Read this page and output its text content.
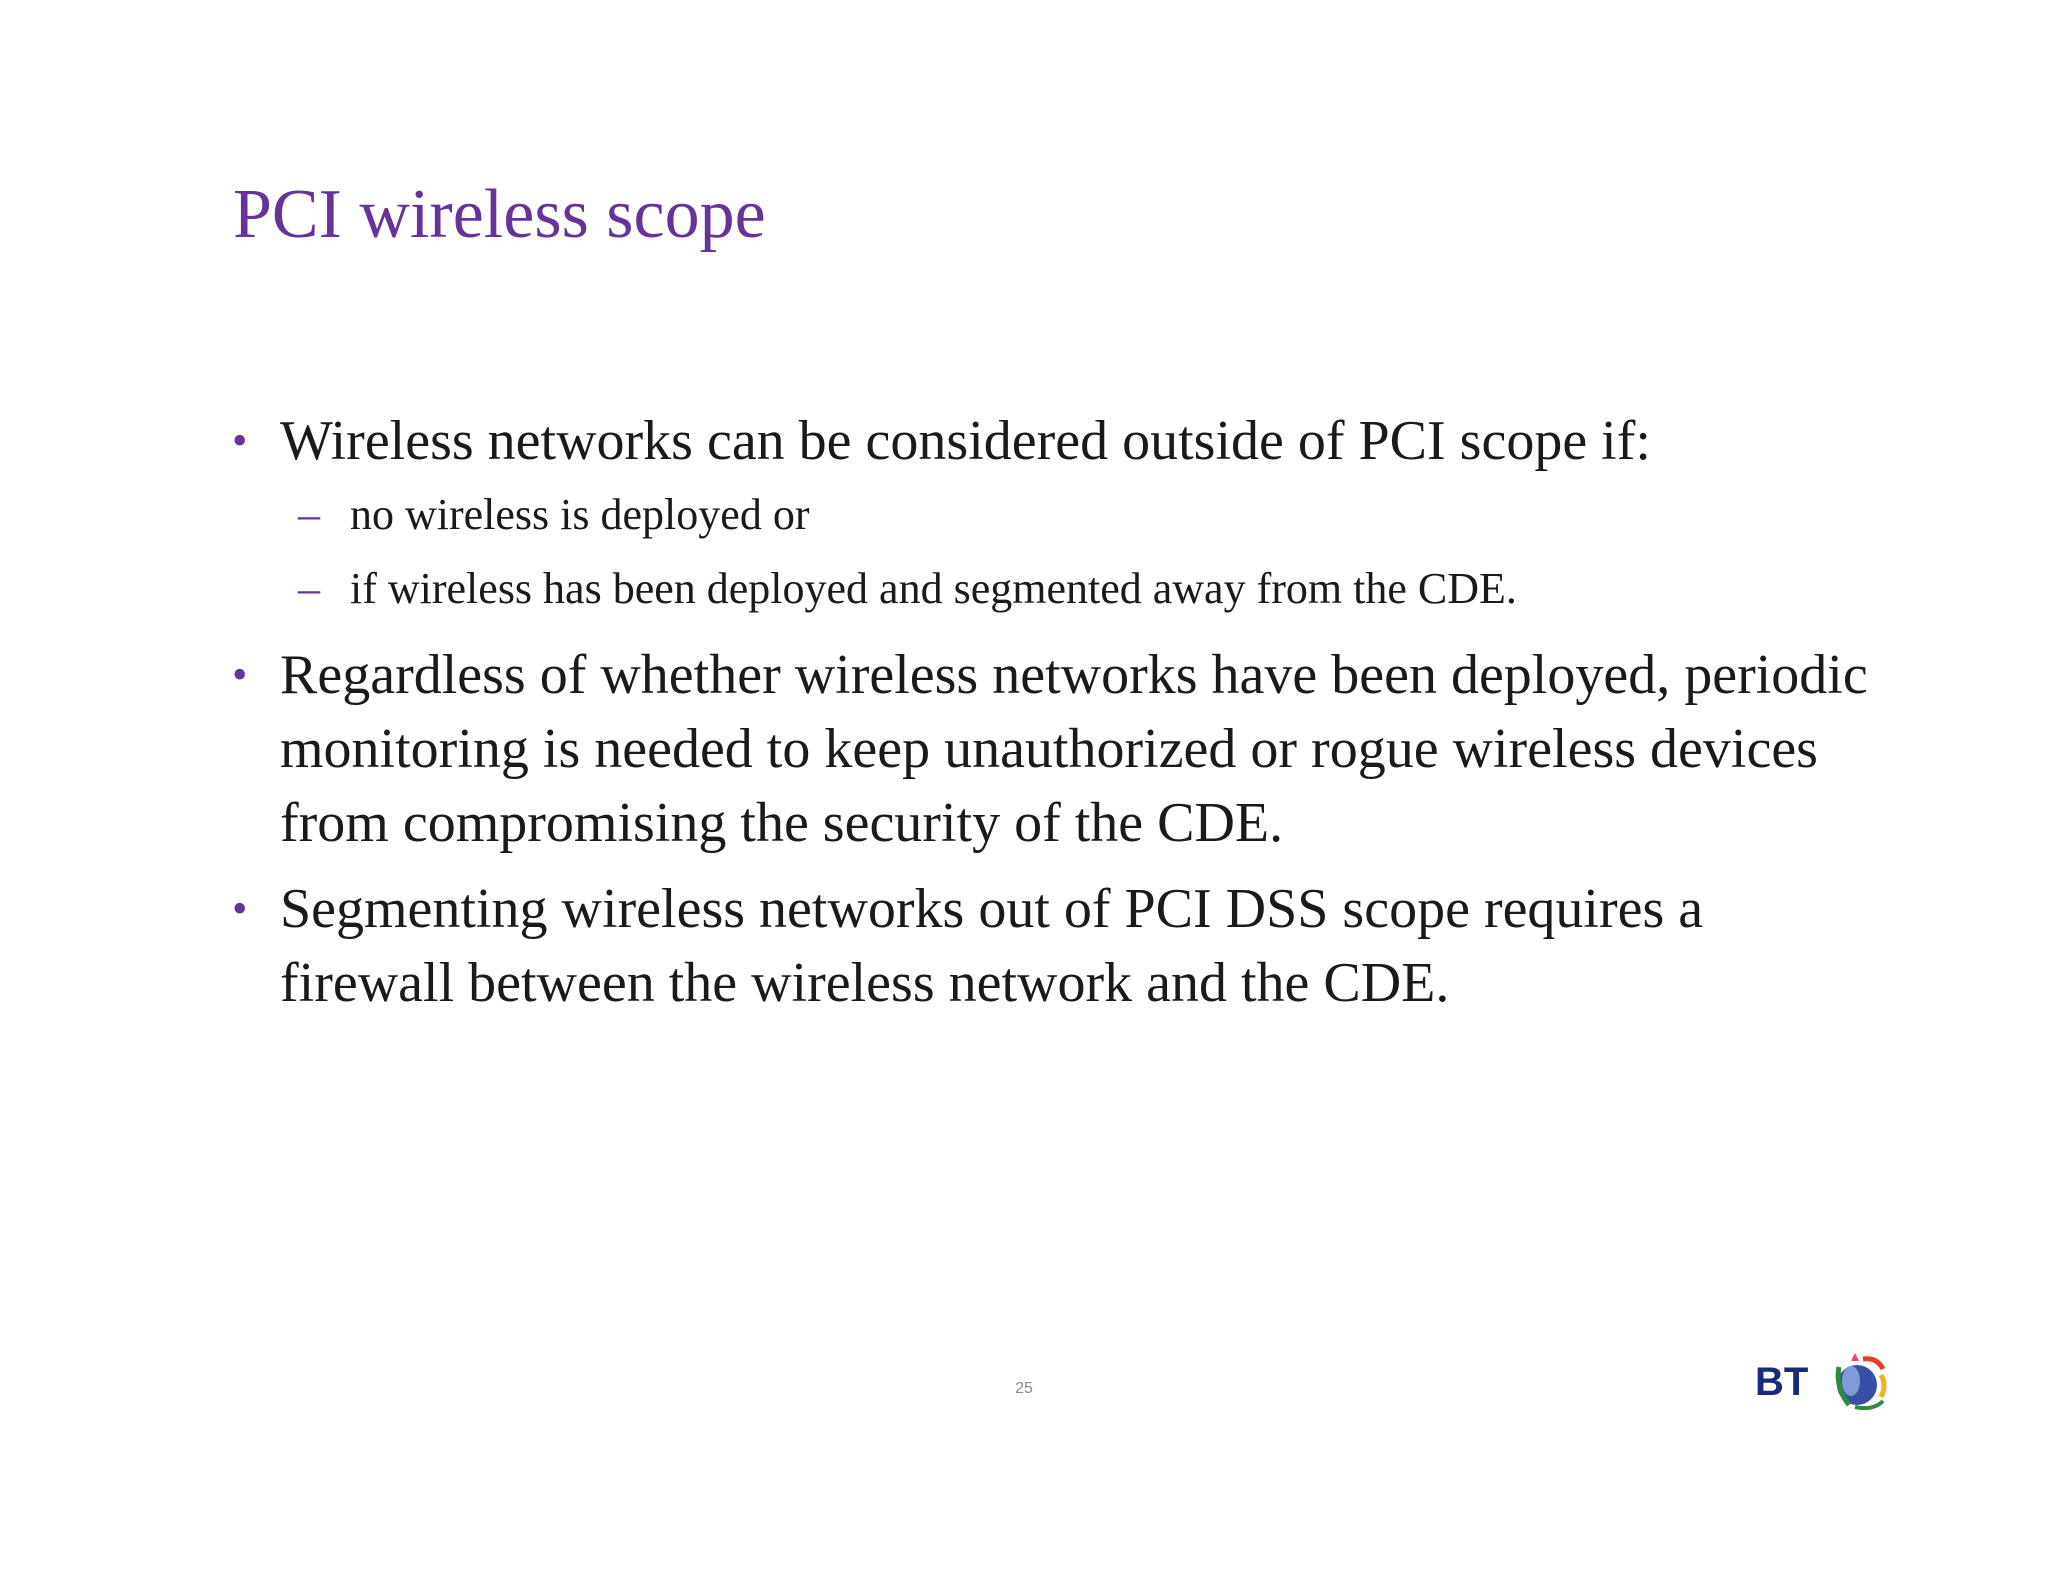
PCI wireless scope
• Wireless networks can be considered outside of PCI scope if:
– no wireless is deployed or
– if wireless has been deployed and segmented away from the CDE.
• Regardless of whether wireless networks have been deployed, periodic monitoring is needed to keep unauthorized or rogue wireless devices from compromising the security of the CDE.
• Segmenting wireless networks out of PCI DSS scope requires a firewall between the wireless network and the CDE.
25	BT
